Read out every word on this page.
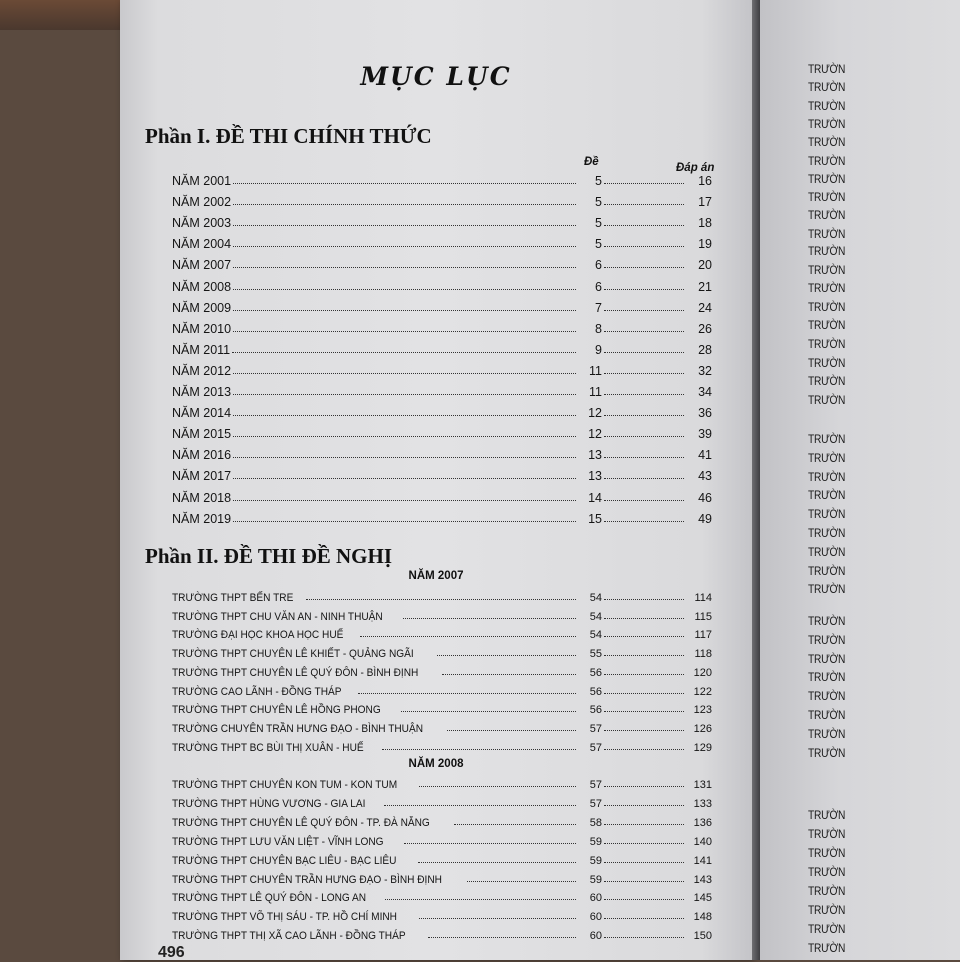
MỤC LỤC
Phần I. ĐỀ THI CHÍNH THỨC
Đề	Đáp án
NĂM 2001	5	16
NĂM 2002	5	17
NĂM 2003	5	18
NĂM 2004	5	19
NĂM 2007	6	20
NĂM 2008	6	21
NĂM 2009	7	24
NĂM 2010	8	26
NĂM 2011	9	28
NĂM 2012	11	32
NĂM 2013	11	34
NĂM 2014	12	36
NĂM 2015	12	39
NĂM 2016	13	41
NĂM 2017	13	43
NĂM 2018	14	46
NĂM 2019	15	49
Phần II. ĐỀ THI ĐỀ NGHỊ
NĂM 2007
TRƯỜNG THPT BẾN TRE	54	114
TRƯỜNG THPT CHU VĂN AN - NINH THUẬN	54	115
TRƯỜNG ĐẠI HỌC KHOA HỌC HUẾ	54	117
TRƯỜNG THPT CHUYÊN LÊ KHIẾT - QUẢNG NGÃI	55	118
TRƯỜNG THPT CHUYÊN LÊ QUÝ ĐÔN - BÌNH ĐỊNH	56	120
TRƯỜNG CAO LÃNH - ĐỒNG THÁP	56	122
TRƯỜNG THPT CHUYÊN LÊ HỒNG PHONG	56	123
TRƯỜNG CHUYÊN TRẦN HƯNG ĐẠO - BÌNH THUẬN	57	126
TRƯỜNG THPT BC BÙI THỊ XUÂN - HUẾ	57	129
NĂM 2008
TRƯỜNG THPT CHUYÊN KON TUM - KON TUM	57	131
TRƯỜNG THPT HÙNG VƯƠNG - GIA LAI	57	133
TRƯỜNG THPT CHUYÊN LÊ QUÝ ĐÔN - TP. ĐÀ NẴNG	58	136
TRƯỜNG THPT LƯU VĂN LIỆT - VĨNH LONG	59	140
TRƯỜNG THPT CHUYÊN BẠC LIÊU - BẠC LIÊU	59	141
TRƯỜNG THPT CHUYÊN TRẦN HƯNG ĐẠO - BÌNH ĐỊNH	59	143
TRƯỜNG THPT LÊ QUÝ ĐÔN - LONG AN	60	145
TRƯỜNG THPT VÕ THỊ SÁU - TP. HỒ CHÍ MINH	60	148
TRƯỜNG THPT THỊ XÃ CAO LÃNH - ĐỒNG THÁP	60	150
496
TRƯỜN
TRƯỜN
TRƯỜN
TRƯỜN
TRƯỜN
TRƯỜN
TRƯỜN
TRƯỜN
TRƯỜN
TRƯỜN
TRƯỜN
TRƯỜN
TRƯỜN
TRƯỜN
TRƯỜN
TRƯỜN
TRƯỜN
TRƯỜN
TRƯỜN
TRƯỜN
TRƯỜN
TRƯỜN
TRƯỜN
TRƯỜN
TRƯỜN
TRƯỜN
TRƯỜN
TRƯỜN
TRƯỜN
TRƯỜN
TRƯỜN
TRƯỜN
TRƯỜN
TRƯỜN
TRƯỜN
TRƯỜN
TRƯỜN
TRƯỜN
TRƯỜN
TRƯỜN
TRƯỜN
TRƯỜN
TRƯỜN
TRƯỜN
